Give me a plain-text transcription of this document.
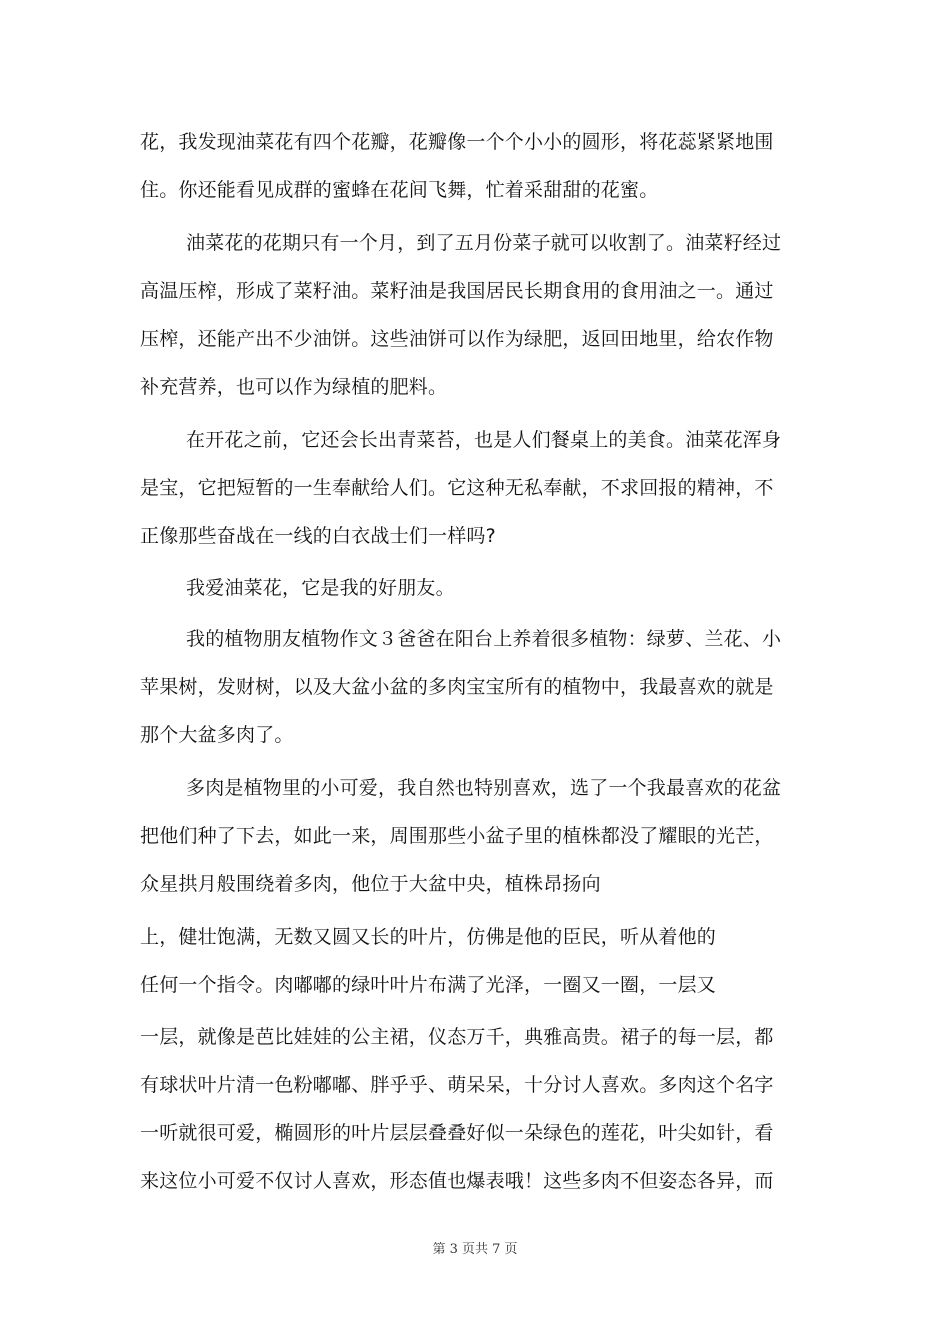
花，我发现油菜花有四个花瓣，花瓣像一个个小小的圆形，将花蕊紧紧地围
住。你还能看见成群的蜜蜂在花间飞舞，忙着采甜甜的花蜜。
油菜花的花期只有一个月，到了五月份菜子就可以收割了。油菜籽经过
高温压榨，形成了菜籽油。菜籽油是我国居民长期食用的食用油之一。通过
压榨，还能产出不少油饼。这些油饼可以作为绿肥，返回田地里，给农作物
补充营养，也可以作为绿植的肥料。
在开花之前，它还会长出青菜苔，也是人们餐桌上的美食。油菜花浑身
是宝，它把短暂的一生奉献给人们。它这种无私奉献，不求回报的精神，不
正像那些奋战在一线的白衣战士们一样吗?
我爱油菜花，它是我的好朋友。
我的植物朋友植物作文３爸爸在阳台上养着很多植物：绿萝、兰花、小
苹果树，发财树，以及大盆小盆的多肉宝宝所有的植物中，我最喜欢的就是
那个大盆多肉了。
多肉是植物里的小可爱，我自然也特别喜欢，选了一个我最喜欢的花盆
把他们种了下去，如此一来，周围那些小盆子里的植株都没了耀眼的光芒，
众星拱月般围绕着多肉，他位于大盆中央，植株昂扬向
上，健壮饱满，无数又圆又长的叶片，仿佛是他的臣民，听从着他的
任何一个指令。肉嘟嘟的绿叶叶片布满了光泽，一圈又一圈，一层又
一层，就像是芭比娃娃的公主裙，仪态万千，典雅高贵。裙子的每一层，都
有球状叶片清一色粉嘟嘟、胖乎乎、萌呆呆，十分讨人喜欢。多肉这个名字
一听就很可爱，椭圆形的叶片层层叠叠好似一朵绿色的莲花，叶尖如针，看
来这位小可爱不仅讨人喜欢，形态值也爆表哦！这些多肉不但姿态各异，而
第 3 页共 7 页
